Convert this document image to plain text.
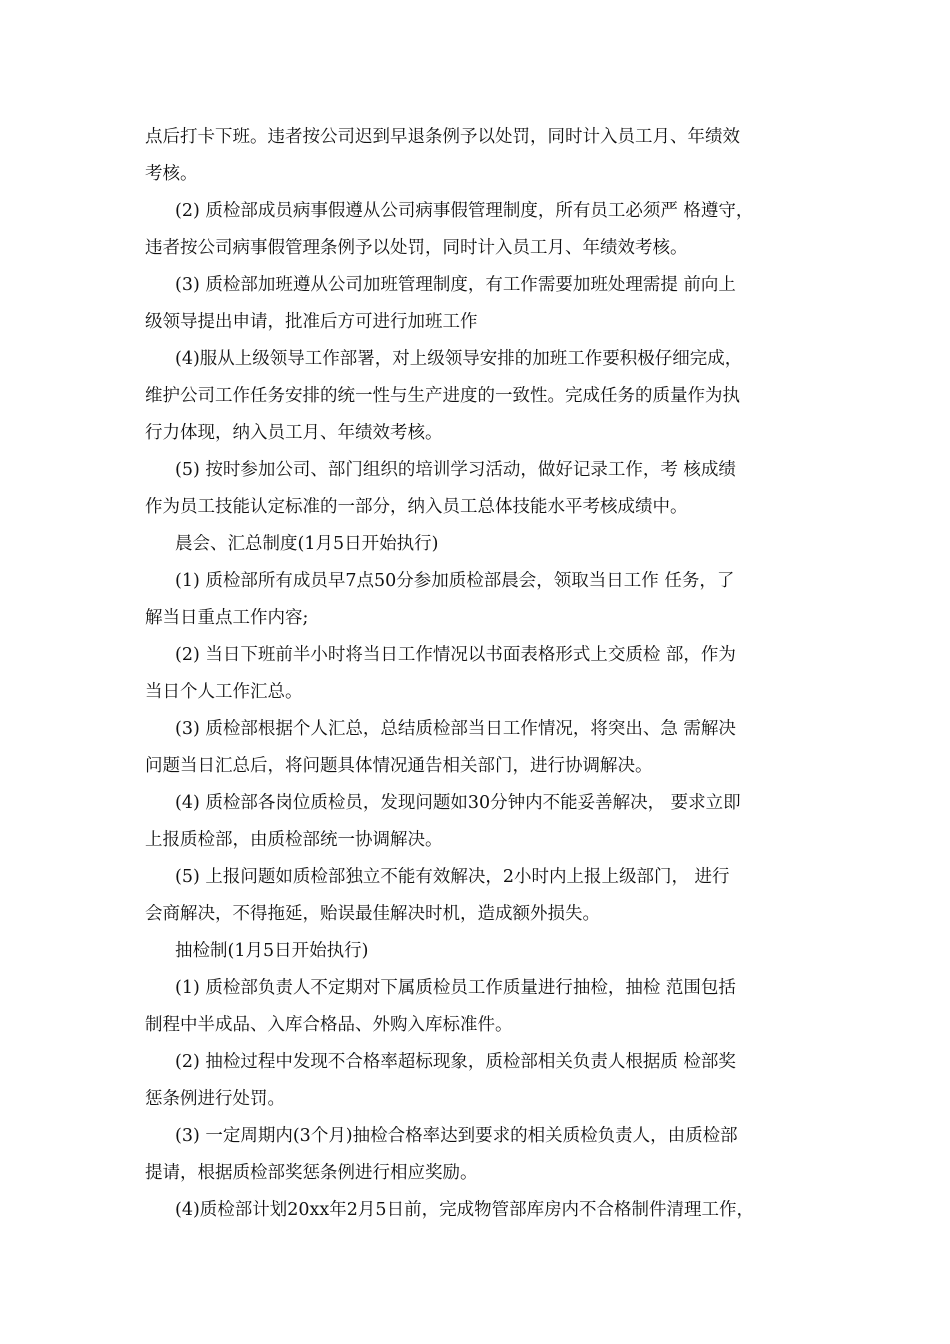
点后打卡下班。违者按公司迟到早退条例予以处罚，同时计入员工月、年绩效

考核。

(2) 质检部成员病事假遵从公司病事假管理制度，所有员工必须严 格遵守，

违者按公司病事假管理条例予以处罚，同时计入员工月、年绩效考核。

(3) 质检部加班遵从公司加班管理制度，有工作需要加班处理需提 前向上

级领导提出申请，批准后方可进行加班工作

(4)服从上级领导工作部署，对上级领导安排的加班工作要积极仔细完成，

维护公司工作任务安排的统一性与生产进度的一致性。完成任务的质量作为执

行力体现，纳入员工月、年绩效考核。

(5) 按时参加公司、部门组织的培训学习活动，做好记录工作，考 核成绩

作为员工技能认定标准的一部分，纳入员工总体技能水平考核成绩中。

晨会、汇总制度(1月5日开始执行)

(1) 质检部所有成员早7点50分参加质检部晨会，领取当日工作 任务，了

解当日重点工作内容;

(2) 当日下班前半小时将当日工作情况以书面表格形式上交质检 部，作为

当日个人工作汇总。

(3) 质检部根据个人汇总，总结质检部当日工作情况，将突出、急 需解决

问题当日汇总后，将问题具体情况通告相关部门，进行协调解决。

(4) 质检部各岗位质检员，发现问题如30分钟内不能妥善解决， 要求立即

上报质检部，由质检部统一协调解决。

(5) 上报问题如质检部独立不能有效解决，2小时内上报上级部门， 进行

会商解决，不得拖延，贻误最佳解决时机，造成额外损失。

抽检制(1月5日开始执行)

(1) 质检部负责人不定期对下属质检员工作质量进行抽检，抽检 范围包括

制程中半成品、入库合格品、外购入库标准件。

(2) 抽检过程中发现不合格率超标现象，质检部相关负责人根据质 检部奖

惩条例进行处罚。

(3) 一定周期内(3个月)抽检合格率达到要求的相关质检负责人，由质检部

提请，根据质检部奖惩条例进行相应奖励。

(4)质检部计划20xx年2月5日前，完成物管部库房内不合格制件清理工作，
